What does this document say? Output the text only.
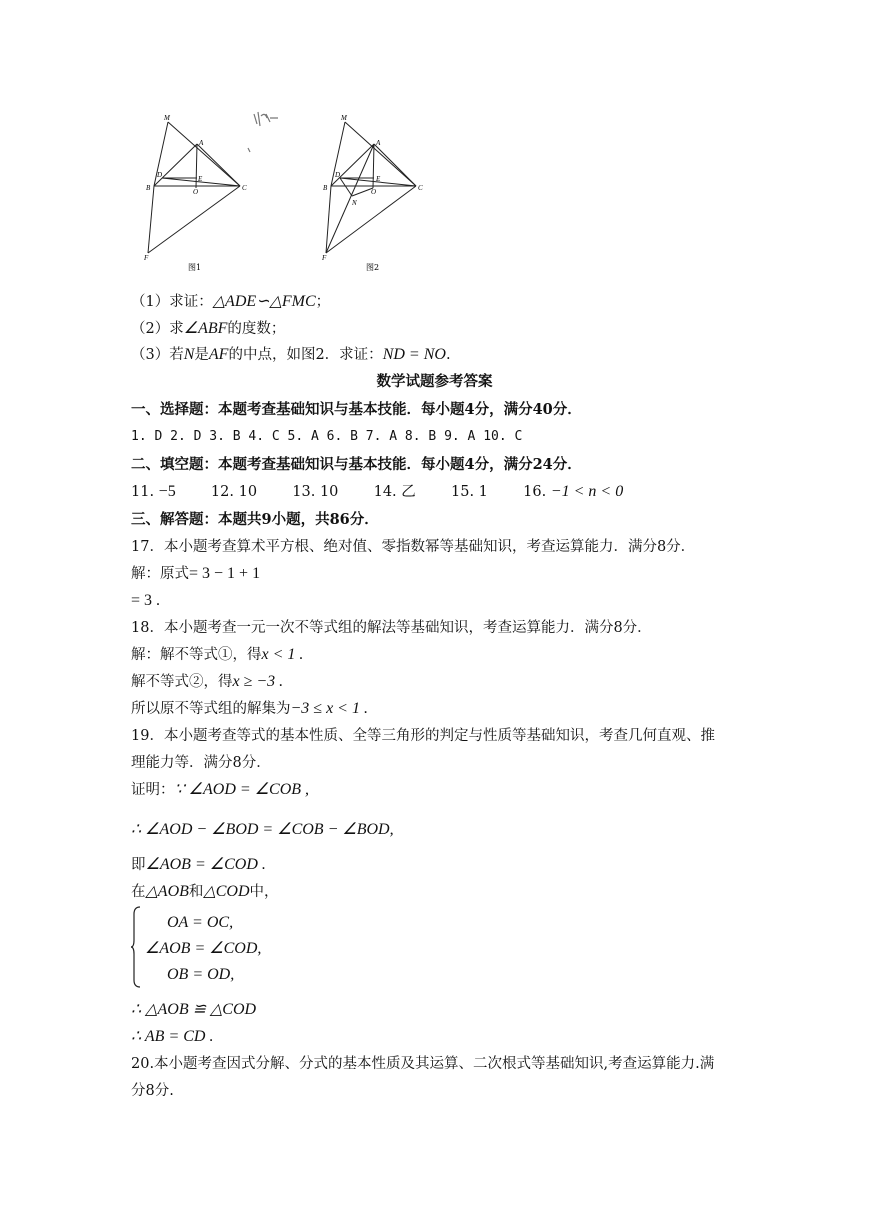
M
A
D	E
B	O	C
F
图1
M
A
D	E
B	O
N
C
F
图2
（1）求证：△ADE∽△FMC；
（2）求∠ABF的度数；
（3）若N是AF的中点，如图2．求证：ND = NO.
数学试题参考答案
一、选择题：本题考查基础知识与基本技能．每小题4分，满分40分．
1. D 2. D 3. B 4. C 5. A 6. B 7. A 8. B 9. A 10. C
二、填空题：本题考查基础知识与基本技能．每小题4分，满分24分．
11. −5 12. 10 13. 10 14. 乙 15. 1 16. −1 < n < 0
三、解答题：本题共9小题，共86分．
17．本小题考查算术平方根、绝对值、零指数幂等基础知识，考查运算能力．满分8分．
解：原式= 3 − 1 + 1
= 3 .
18．本小题考查一元一次不等式组的解法等基础知识，考查运算能力．满分8分．
解：解不等式①，得x < 1 .
解不等式②，得x ≥ −3 .
所以原不等式组的解集为−3 ≤ x < 1 .
19．本小题考查等式的基本性质、全等三角形的判定与性质等基础知识，考查几何直观、推
理能力等．满分8分．
证明：∵ ∠AOD = ∠COB ,
∴ ∠AOD − ∠BOD = ∠COB − ∠BOD,
即∠AOB = ∠COD .
在△AOB和△COD中，
OA = OC,
∠AOB = ∠COD,
OB = OD,
∴ △AOB ≌ △COD
∴ AB = CD .
20.本小题考查因式分解、分式的基本性质及其运算、二次根式等基础知识,考查运算能力.满
分8分.
